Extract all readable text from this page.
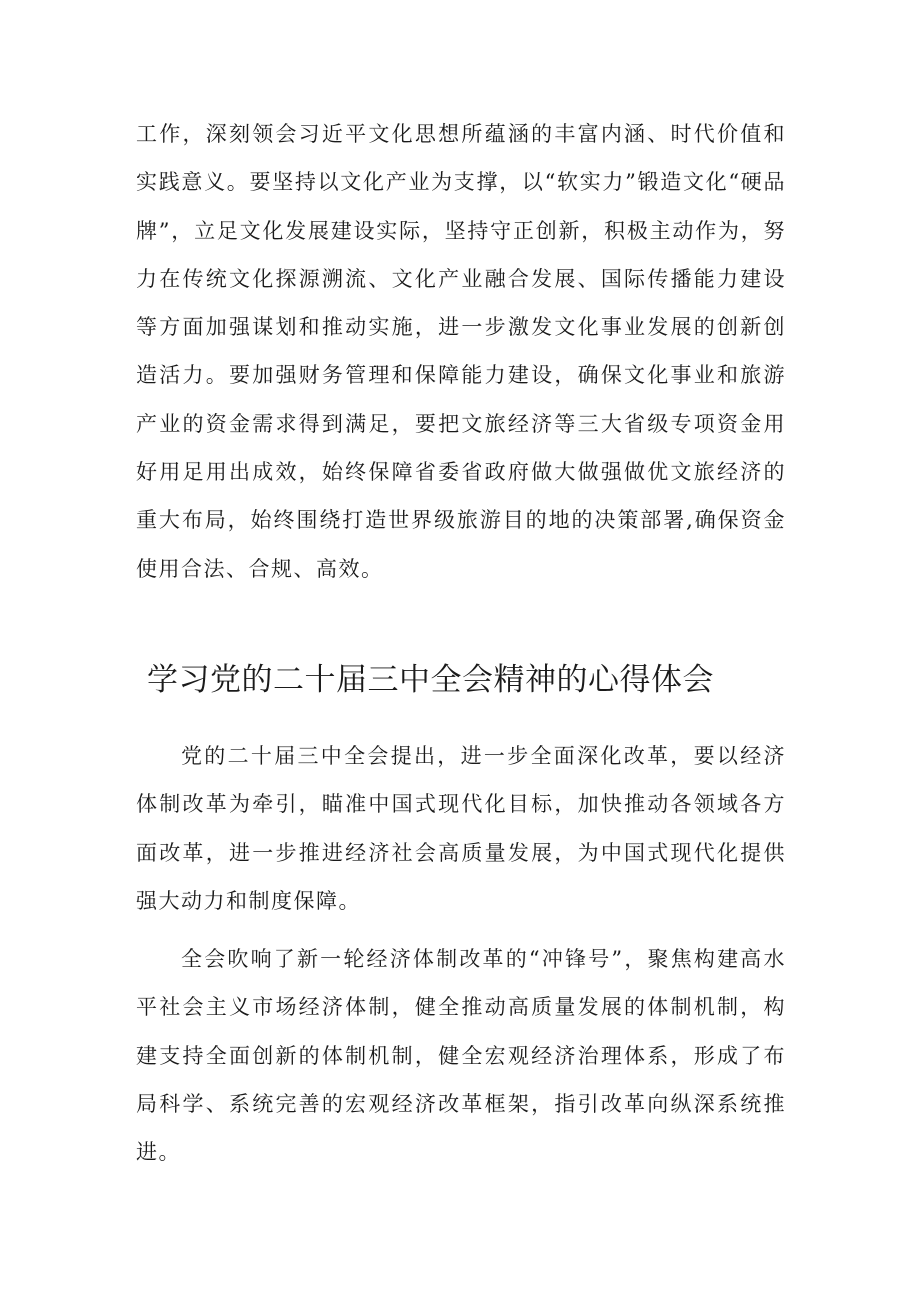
工作，深刻领会习近平文化思想所蕴涵的丰富内涵、时代价值和实践意义。要坚持以文化产业为支撑，以“软实力”锻造文化“硬品牌”，立足文化发展建设实际，坚持守正创新，积极主动作为，努力在传统文化探源溯流、文化产业融合发展、国际传播能力建设等方面加强谋划和推动实施，进一步激发文化事业发展的创新创造活力。要加强财务管理和保障能力建设，确保文化事业和旅游产业的资金需求得到满足，要把文旅经济等三大省级专项资金用好用足用出成效，始终保障省委省政府做大做强做优文旅经济的重大布局，始终围绕打造世界级旅游目的地的决策部署,确保资金使用合法、合规、高效。

学习党的二十届三中全会精神的心得体会

党的二十届三中全会提出，进一步全面深化改革，要以经济体制改革为牵引，瞄准中国式现代化目标，加快推动各领域各方面改革，进一步推进经济社会高质量发展，为中国式现代化提供强大动力和制度保障。

全会吹响了新一轮经济体制改革的“冲锋号”，聚焦构建高水平社会主义市场经济体制，健全推动高质量发展的体制机制，构建支持全面创新的体制机制，健全宏观经济治理体系，形成了布局科学、系统完善的宏观经济改革框架，指引改革向纵深系统推进。
